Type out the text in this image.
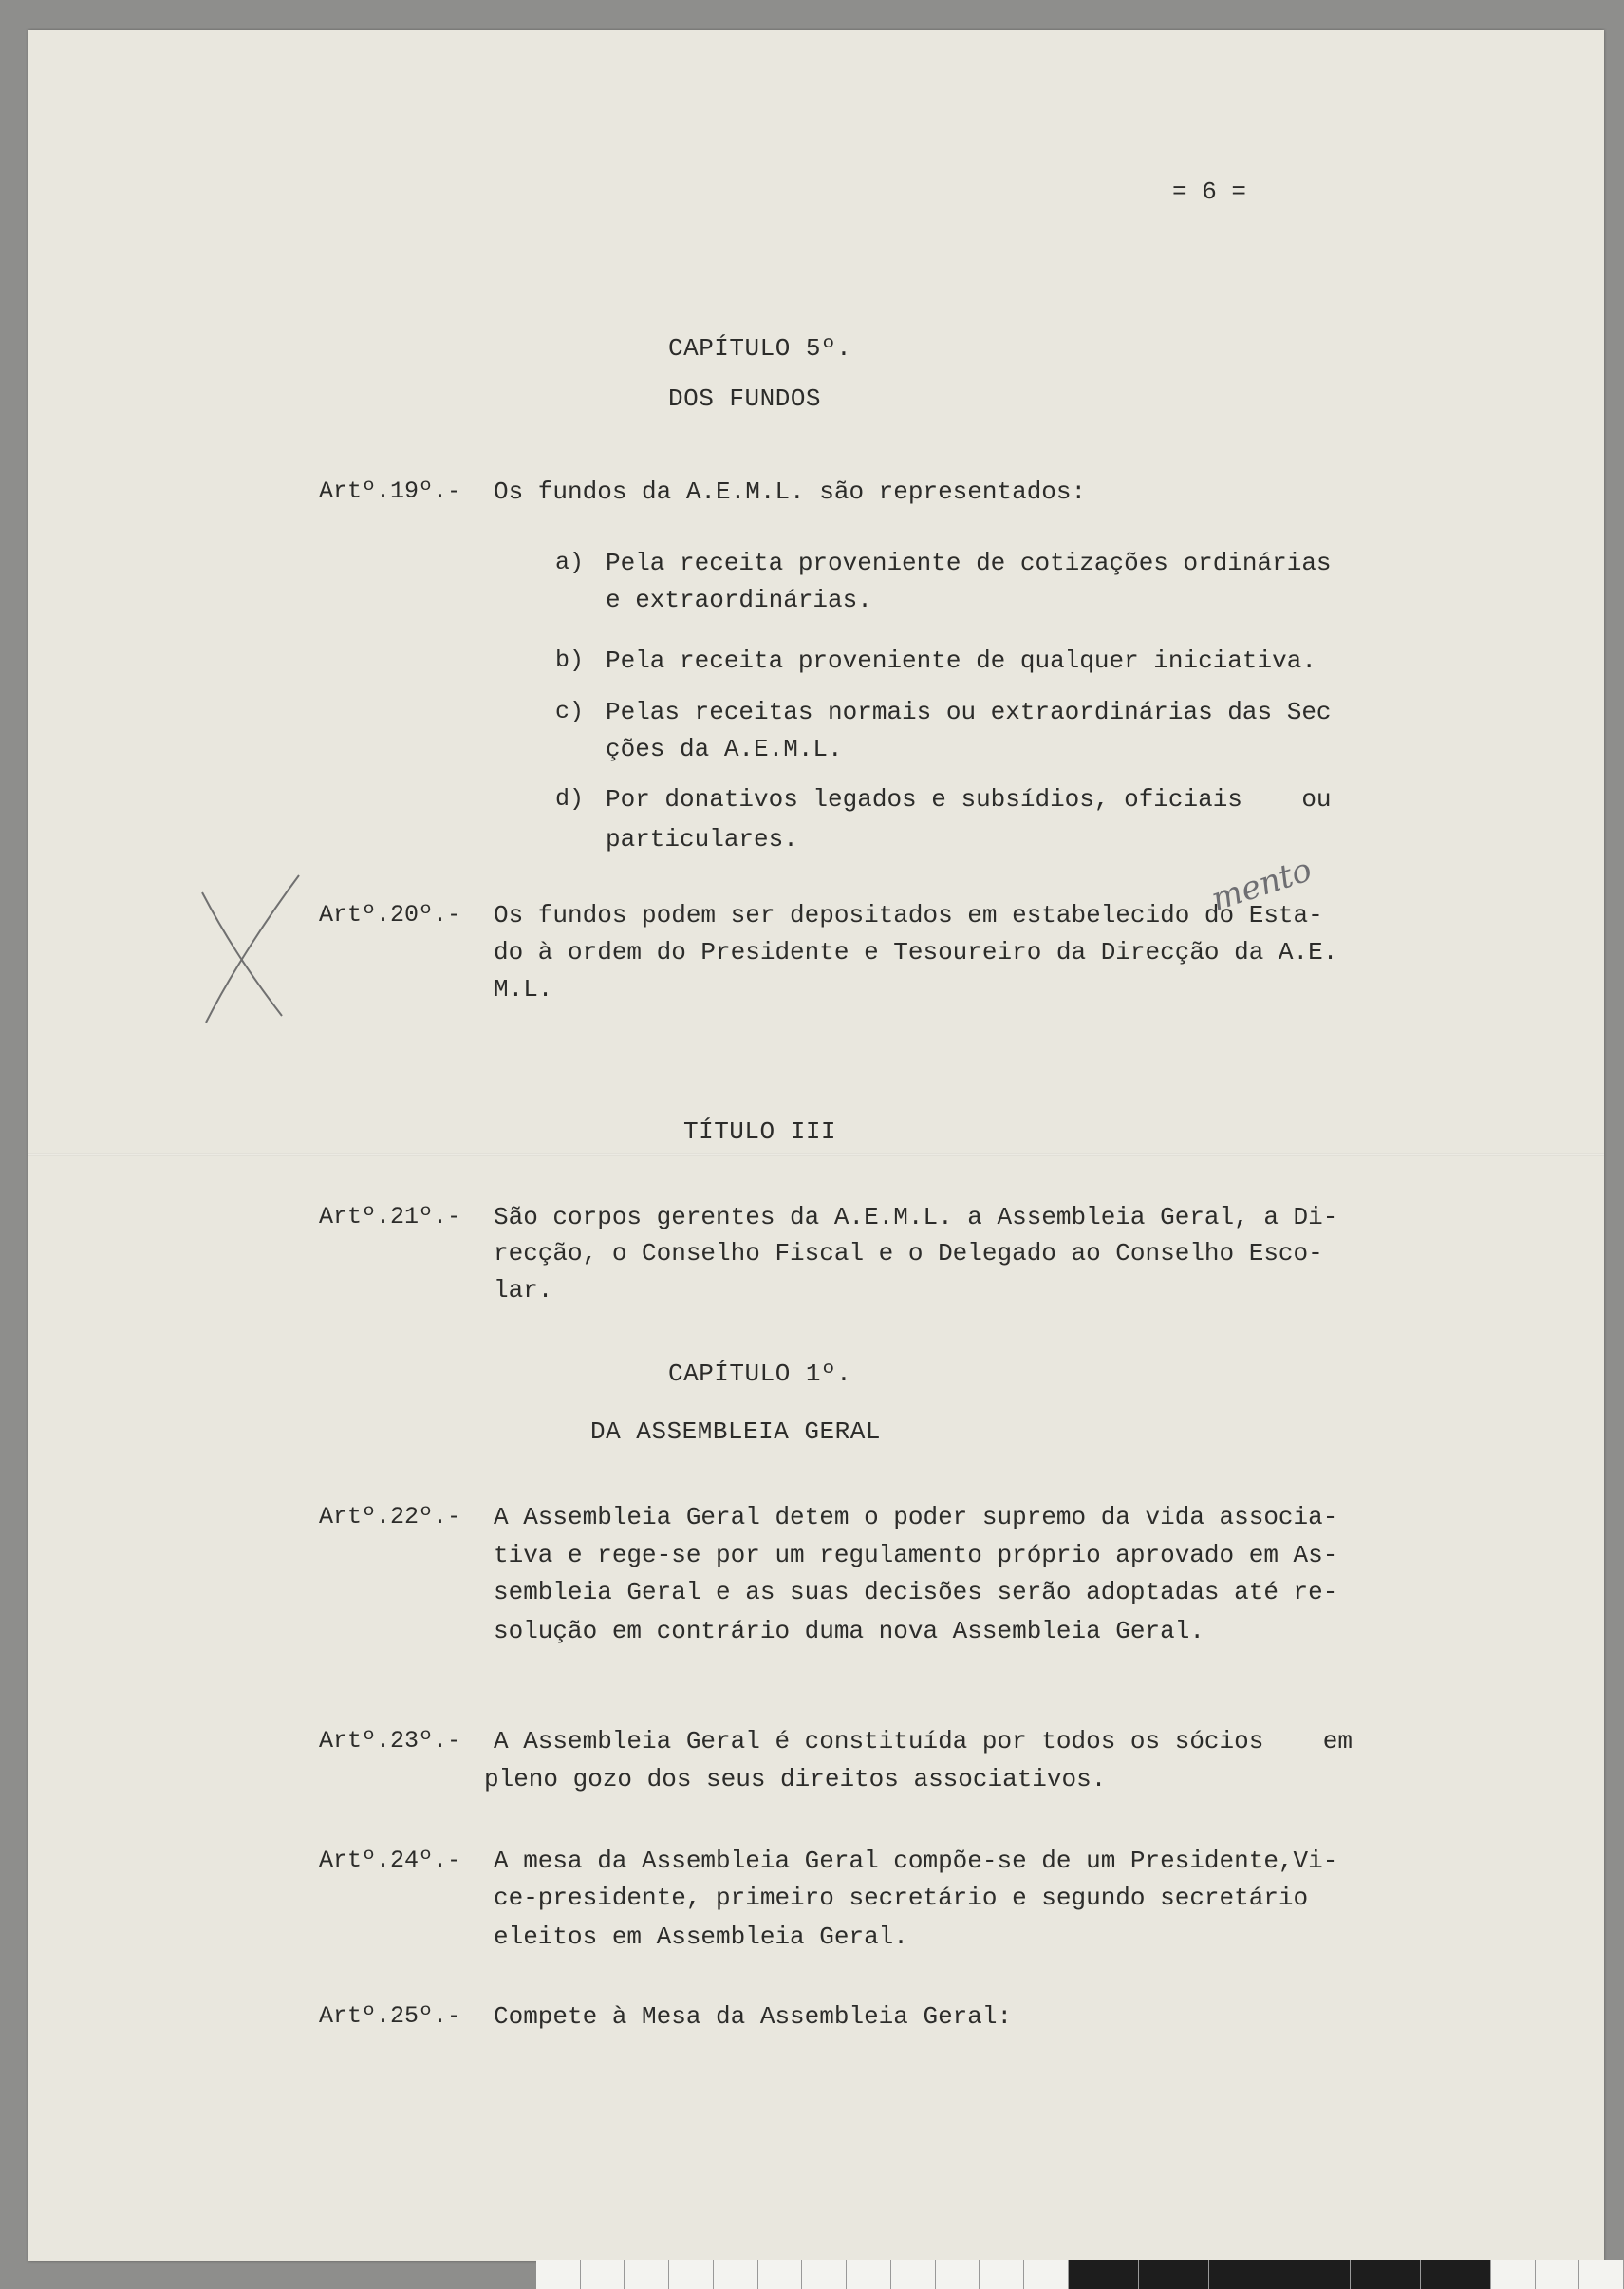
= 6 =
CAPÍTULO 5º.
DOS FUNDOS
Artº.19º.- Os fundos da A.E.M.L. são representados:
a) Pela receita proveniente de cotizações ordinárias
e extraordinárias.
b) Pela receita proveniente de qualquer iniciativa.
c) Pelas receitas normais ou extraordinárias das Sec
ções da A.E.M.L.
d) Por donativos legados e subsídios, oficiais    ou
particulares.
mento
Artº.20º.- Os fundos podem ser depositados em estabelecido do Esta-
do à ordem do Presidente e Tesoureiro da Direcção da A.E.
M.L.
TÍTULO III
Artº.21º.- São corpos gerentes da A.E.M.L. a Assembleia Geral, a Di-
recção, o Conselho Fiscal e o Delegado ao Conselho Esco-
lar.
CAPÍTULO 1º.
DA ASSEMBLEIA GERAL
Artº.22º.- A Assembleia Geral detem o poder supremo da vida associa-
tiva e rege-se por um regulamento próprio aprovado em As-
sembleia Geral e as suas decisões serão adoptadas até re-
solução em contrário duma nova Assembleia Geral.
Artº.23º.- A Assembleia Geral é constituída por todos os sócios    em
pleno gozo dos seus direitos associativos.
Artº.24º.- A mesa da Assembleia Geral compõe-se de um Presidente,Vi-
ce-presidente, primeiro secretário e segundo secretário
eleitos em Assembleia Geral.
Artº.25º.- Compete à Mesa da Assembleia Geral:
